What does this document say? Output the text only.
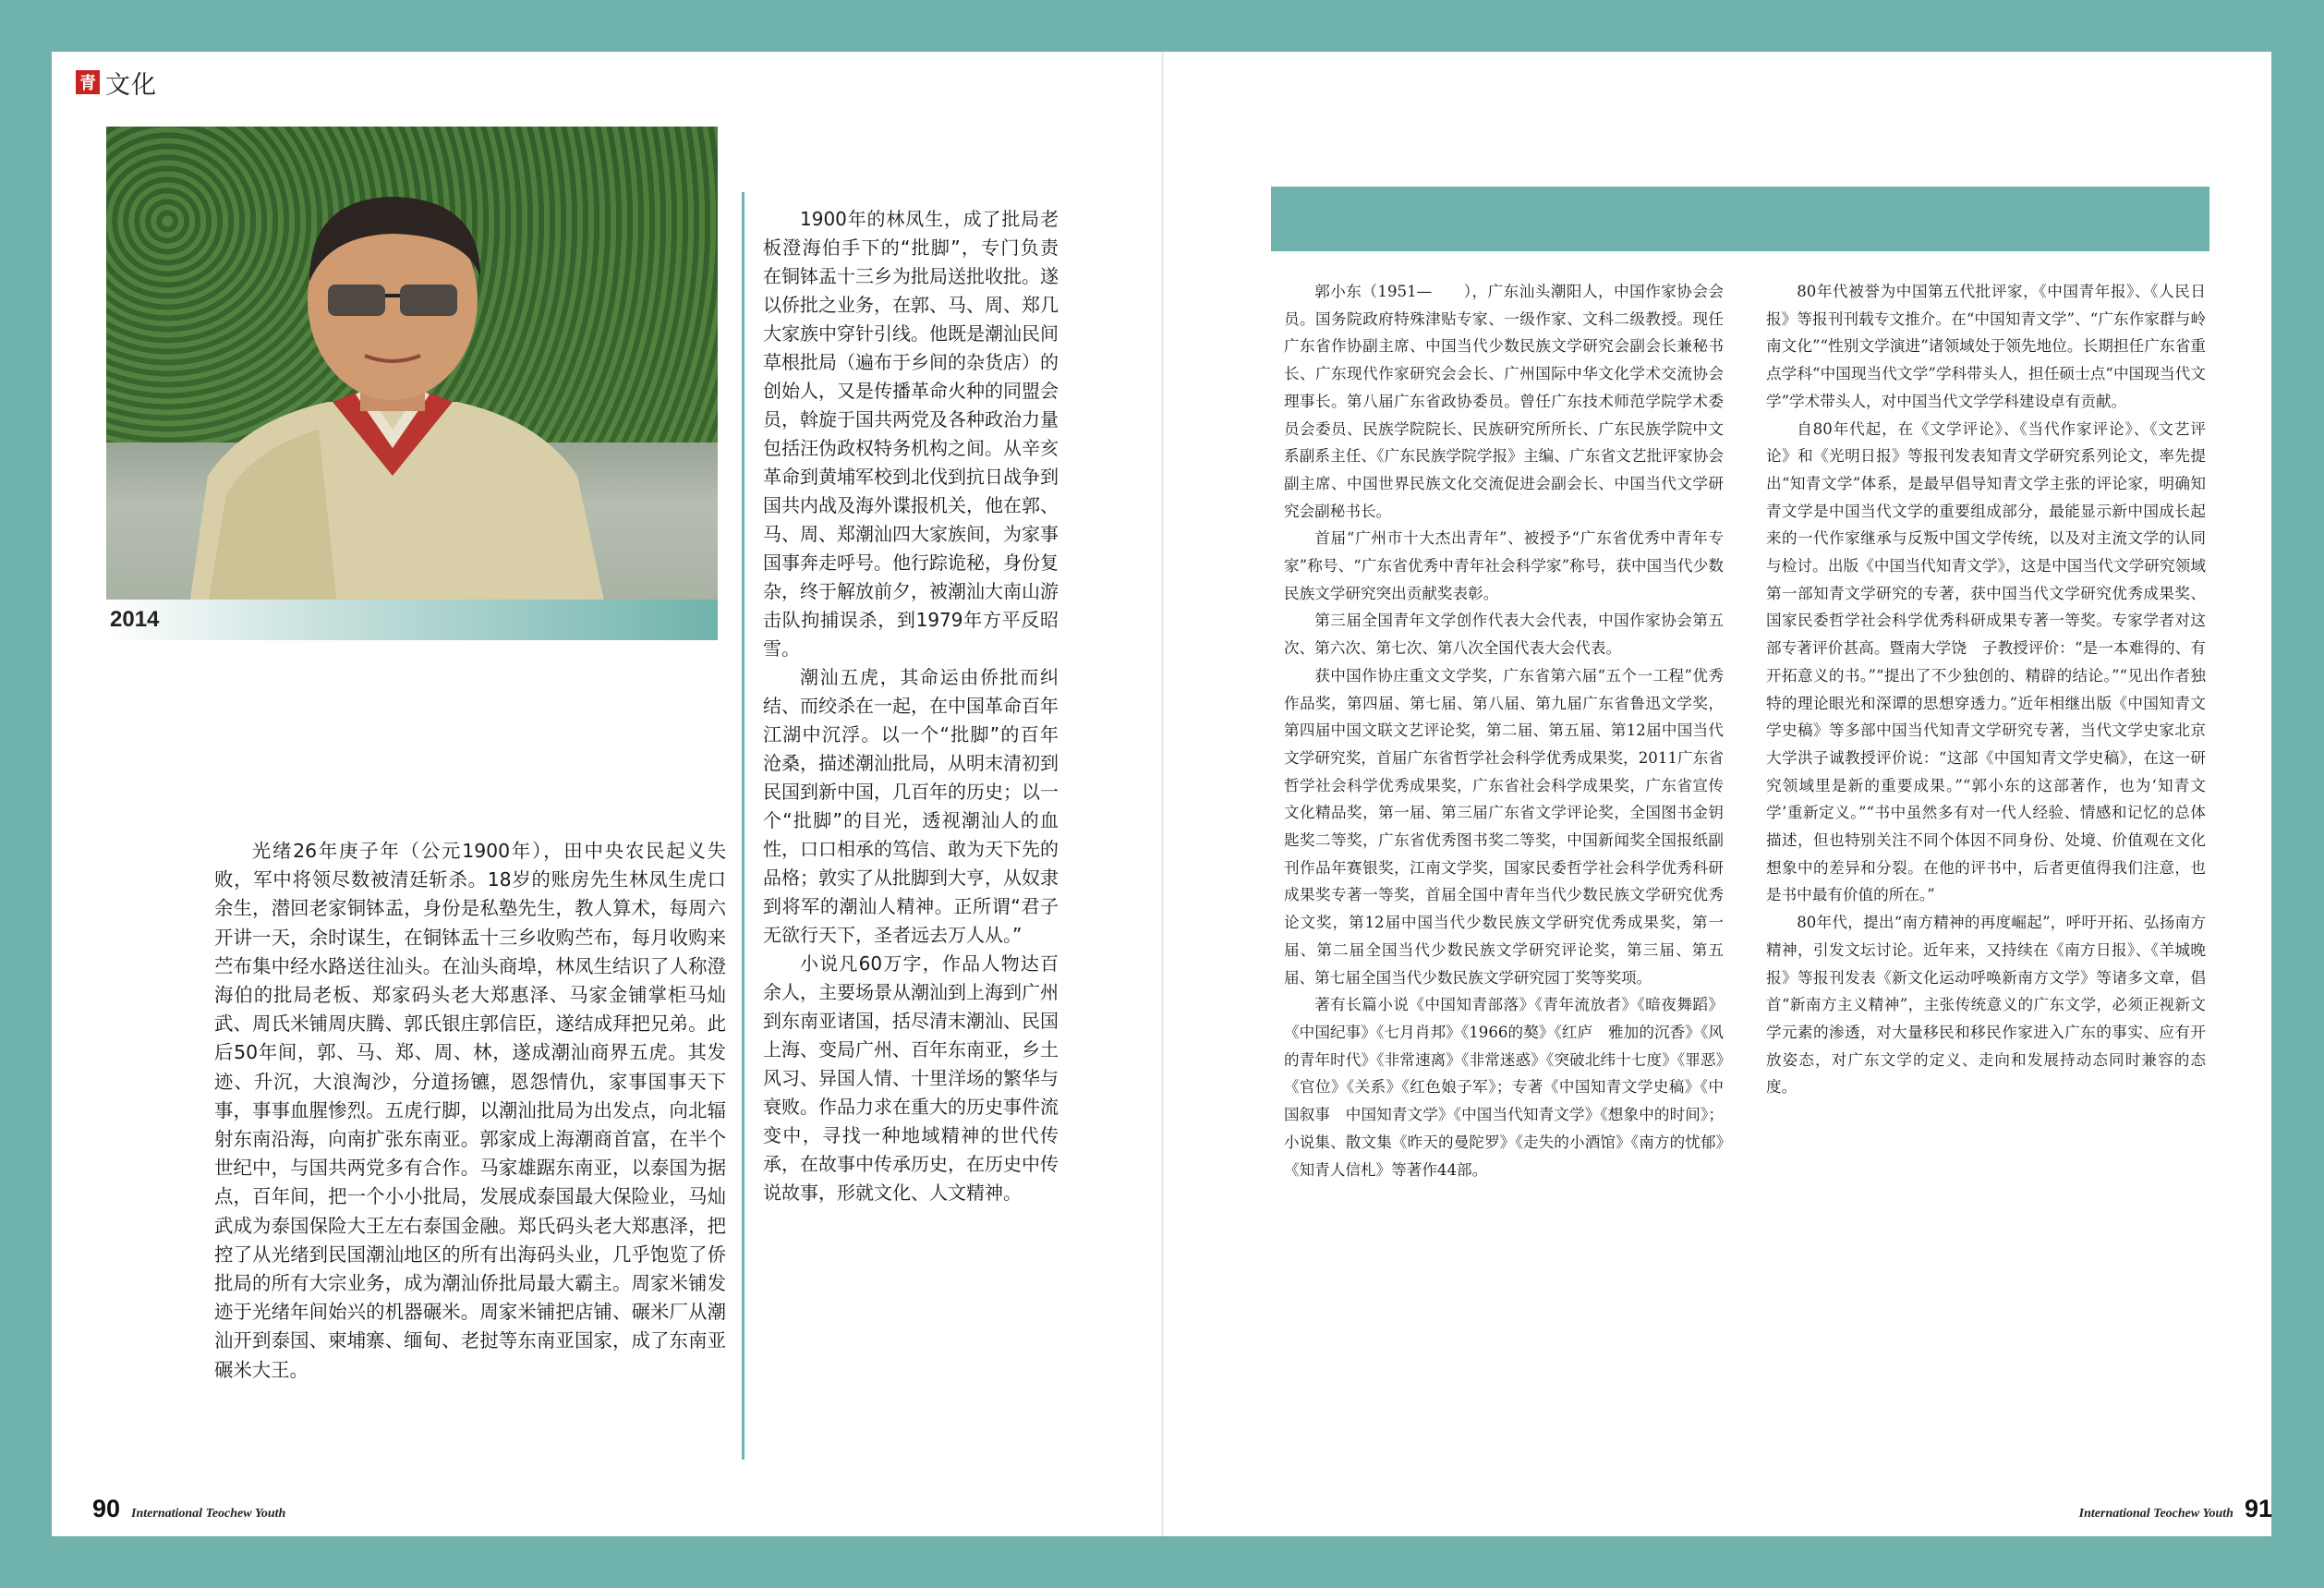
青 文化
2014

光绪26年庚子年（公元1900年），田中央农民起义失败，军中将领尽数被清廷斩杀。18岁的账房先生林凤生虎口余生，潜回老家铜钵盂，身份是私塾先生，教人算术，每周六开讲一天，余时谋生，在铜钵盂十三乡收购苎布，每月收购来苎布集中经水路送往汕头。在汕头商埠，林凤生结识了人称澄海伯的批局老板、郑家码头老大郑惠泽、马家金铺掌柜马灿武、周氏米铺周庆腾、郭氏银庄郭信臣，遂结成拜把兄弟。此后50年间，郭、马、郑、周、林，遂成潮汕商界五虎。其发迹、升沉，大浪淘沙，分道扬镳，恩怨情仇，家事国事天下事，事事血腥惨烈。五虎行脚，以潮汕批局为出发点，向北辐射东南沿海，向南扩张东南亚。郭家成上海潮商首富，在半个世纪中，与国共两党多有合作。马家雄踞东南亚，以泰国为据点，百年间，把一个小小批局，发展成泰国最大保险业，马灿武成为泰国保险大王左右泰国金融。郑氏码头老大郑惠泽，把控了从光绪到民国潮汕地区的所有出海码头业，几乎饱览了侨批局的所有大宗业务，成为潮汕侨批局最大霸主。周家米铺发迹于光绪年间始兴的机器碾米。周家米铺把店铺、碾米厂从潮汕开到泰国、柬埔寨、缅甸、老挝等东南亚国家，成了东南亚碾米大王。

1900年的林凤生，成了批局老板澄海伯手下的“批脚”，专门负责在铜钵盂十三乡为批局送批收批。遂以侨批之业务，在郭、马、周、郑几大家族中穿针引线。他既是潮汕民间草根批局（遍布于乡间的杂货店）的创始人，又是传播革命火种的同盟会员，斡旋于国共两党及各种政治力量包括汪伪政权特务机构之间。从辛亥革命到黄埔军校到北伐到抗日战争到国共内战及海外谍报机关，他在郭、马、周、郑潮汕四大家族间，为家事国事奔走呼号。他行踪诡秘，身份复杂，终于解放前夕，被潮汕大南山游击队拘捕误杀，到1979年方平反昭雪。

潮汕五虎，其命运由侨批而纠结、而绞杀在一起，在中国革命百年江湖中沉浮。以一个“批脚”的百年沧桑，描述潮汕批局，从明末清初到民国到新中国，几百年的历史；以一个“批脚”的目光，透视潮汕人的血性，口口相承的笃信、敢为天下先的品格；敦实了从批脚到大亨，从奴隶到将军的潮汕人精神。正所谓“君子无欲行天下，圣者远去万人从。”

小说凡60万字，作品人物达百余人，主要场景从潮汕到上海到广州到东南亚诸国，括尽清末潮汕、民国上海、变局广州、百年东南亚，乡土风习、异国人情、十里洋场的繁华与衰败。作品力求在重大的历史事件流变中，寻找一种地域精神的世代传承，在故事中传承历史，在历史中传说故事，形就文化、人文精神。

郭小东（1951—　　），广东汕头潮阳人，中国作家协会会员。国务院政府特殊津贴专家、一级作家、文科二级教授。现任广东省作协副主席、中国当代少数民族文学研究会副会长兼秘书长、广东现代作家研究会会长、广州国际中华文化学术交流协会理事长。第八届广东省政协委员。曾任广东技术师范学院学术委员会委员、民族学院院长、民族研究所所长、广东民族学院中文系副系主任、《广东民族学院学报》主编、广东省文艺批评家协会副主席、中国世界民族文化交流促进会副会长、中国当代文学研究会副秘书长。

首届“广州市十大杰出青年”、被授予“广东省优秀中青年专家”称号、“广东省优秀中青年社会科学家”称号，获中国当代少数民族文学研究突出贡献奖表彰。

第三届全国青年文学创作代表大会代表，中国作家协会第五次、第六次、第七次、第八次全国代表大会代表。

获中国作协庄重文文学奖，广东省第六届“五个一工程”优秀作品奖，第四届、第七届、第八届、第九届广东省鲁迅文学奖，第四届中国文联文艺评论奖，第二届、第五届、第12届中国当代文学研究奖，首届广东省哲学社会科学优秀成果奖，2011广东省哲学社会科学优秀成果奖，广东省社会科学成果奖，广东省宣传文化精品奖，第一届、第三届广东省文学评论奖，全国图书金钥匙奖二等奖，广东省优秀图书奖二等奖，中国新闻奖全国报纸副刊作品年赛银奖，江南文学奖，国家民委哲学社会科学优秀科研成果奖专著一等奖，首届全国中青年当代少数民族文学研究优秀论文奖，第12届中国当代少数民族文学研究优秀成果奖，第一届、第二届全国当代少数民族文学研究评论奖，第三届、第五届、第七届全国当代少数民族文学研究园丁奖等奖项。

著有长篇小说《中国知青部落》《青年流放者》《暗夜舞蹈》《中国纪事》《七月肖邦》《1966的獒》《红庐　雅加的沉香》《风的青年时代》《非常速离》《非常迷惑》《突破北纬十七度》《罪恶》《官位》《关系》《红色娘子军》；专著《中国知青文学史稿》《中国叙事　中国知青文学》《中国当代知青文学》《想象中的时间》；小说集、散文集《昨天的曼陀罗》《走失的小酒馆》《南方的忧郁》《知青人信札》等著作44部。

80年代被誉为中国第五代批评家，《中国青年报》、《人民日报》等报刊刊载专文推介。在“中国知青文学”、“广东作家群与岭南文化”“性别文学演进”诸领域处于领先地位。长期担任广东省重点学科“中国现当代文学”学科带头人，担任硕士点“中国现当代文学”学术带头人，对中国当代文学学科建设卓有贡献。

自80年代起，在《文学评论》、《当代作家评论》、《文艺评论》和《光明日报》等报刊发表知青文学研究系列论文，率先提出“知青文学”体系，是最早倡导知青文学主张的评论家，明确知青文学是中国当代文学的重要组成部分，最能显示新中国成长起来的一代作家继承与反叛中国文学传统，以及对主流文学的认同与检讨。出版《中国当代知青文学》，这是中国当代文学研究领域第一部知青文学研究的专著，获中国当代文学研究优秀成果奖、国家民委哲学社会科学优秀科研成果专著一等奖。专家学者对这部专著评价甚高。暨南大学饶　子教授评价：“是一本难得的、有开拓意义的书。”“提出了不少独创的、精辟的结论。”“见出作者独特的理论眼光和深谭的思想穿透力。”近年相继出版《中国知青文学史稿》等多部中国当代知青文学研究专著，当代文学史家北京大学洪子诚教授评价说：“这部《中国知青文学史稿》，在这一研究领域里是新的重要成果。”“郭小东的这部著作，也为‘知青文学’重新定义。”“书中虽然多有对一代人经验、情感和记忆的总体描述，但也特别关注不同个体因不同身份、处境、价值观在文化想象中的差异和分裂。在他的评书中，后者更值得我们注意，也是书中最有价值的所在。”

80年代，提出“南方精神的再度崛起”，呼吁开拓、弘扬南方精神，引发文坛讨论。近年来，又持续在《南方日报》、《羊城晚报》等报刊发表《新文化运动呼唤新南方文学》等诸多文章，倡首“新南方主义精神”，主张传统意义的广东文学，必须正视新文学元素的渗透，对大量移民和移民作家进入广东的事实、应有开放姿态，对广东文学的定义、走向和发展持动态同时兼容的态度。

90 International Teochew Youth	International Teochew Youth 91
